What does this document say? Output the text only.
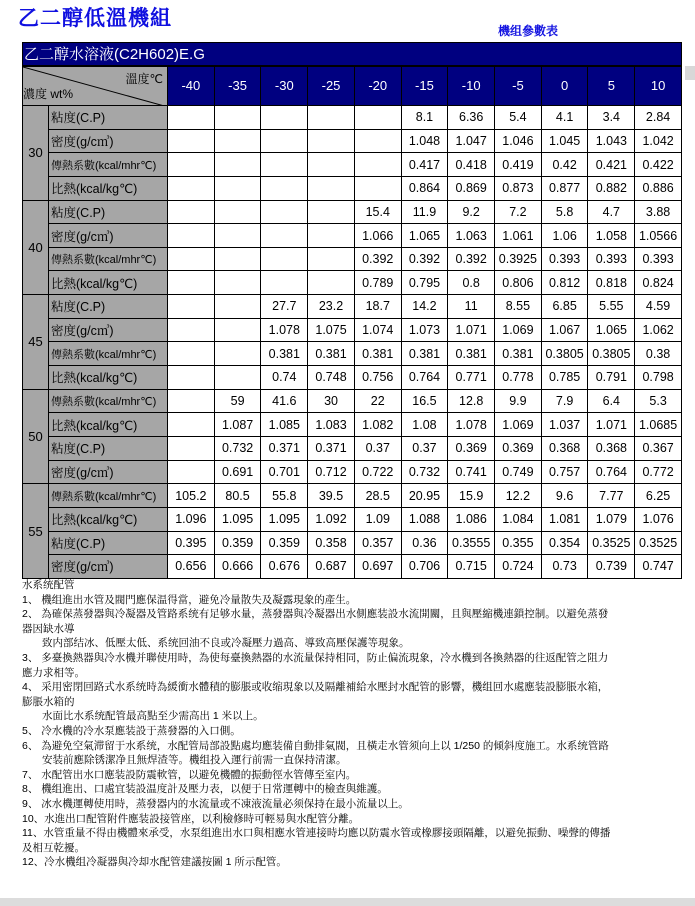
乙二醇低溫機組
機组參數表
乙二醇水溶液(C2H602)E.G												

溫度℃
濃度 wt%		-40	-35	-30	-25	-20	-15	-10	-5	0	5	10
30	粘度(C.P)						8.1	6.36	5.4	4.1	3.4	2.84
	密度(g/c㎥)						1.048	1.047	1.046	1.045	1.043	1.042
	傳熱系數(kcal/mhr℃)						0.417	0.418	0.419	0.42	0.421	0.422
	比熱(kcal/kg℃)						0.864	0.869	0.873	0.877	0.882	0.886
40	粘度(C.P)					15.4	11.9	9.2	7.2	5.8	4.7	3.88
	密度(g/c㎥)					1.066	1.065	1.063	1.061	1.06	1.058	1.0566
	傳熱系數(kcal/mhr℃)					0.392	0.392	0.392	0.3925	0.393	0.393	0.393
	比熱(kcal/kg℃)					0.789	0.795	0.8	0.806	0.812	0.818	0.824
45	粘度(C.P)			27.7	23.2	18.7	14.2	11	8.55	6.85	5.55	4.59
	密度(g/c㎥)			1.078	1.075	1.074	1.073	1.071	1.069	1.067	1.065	1.062
	傳熱系數(kcal/mhr℃)			0.381	0.381	0.381	0.381	0.381	0.381	0.3805	0.3805	0.38
	比熱(kcal/kg℃)			0.74	0.748	0.756	0.764	0.771	0.778	0.785	0.791	0.798
50	傳熱系數(kcal/mhr℃)		59	41.6	30	22	16.5	12.8	9.9	7.9	6.4	5.3
	比熱(kcal/kg℃)		1.087	1.085	1.083	1.082	1.08	1.078	1.069	1.037	1.071	1.0685
	粘度(C.P)		0.732	0.371	0.371	0.37	0.37	0.369	0.369	0.368	0.368	0.367
	密度(g/c㎥)		0.691	0.701	0.712	0.722	0.732	0.741	0.749	0.757	0.764	0.772
55	傳熱系數(kcal/mhr℃)	105.2	80.5	55.8	39.5	28.5	20.95	15.9	12.2	9.6	7.77	6.25
	比熱(kcal/kg℃)	1.096	1.095	1.095	1.092	1.09	1.088	1.086	1.084	1.081	1.079	1.076
	粘度(C.P)	0.395	0.359	0.359	0.358	0.357	0.36	0.3555	0.355	0.354	0.3525	0.3525
	密度(g/c㎥)	0.656	0.666	0.676	0.687	0.697	0.706	0.715	0.724	0.73	0.739	0.747
水系统配管
1、 機组進出水管及閥門應保温得當，避免冷量散失及凝露現象的產生。
2、 為確保蒸發器與冷凝器及管路系统有足够水量，蒸發器與冷凝器出水側應装設水流開關，且與壓縮機連鎖控制。以避免蒸發器因缺水導
致内部结冰、低壓太低、系统回油不良或冷凝壓力過高、導致高壓保護等現象。
3、 多臺換熱器與冷水機并聯使用時，為使每臺換熱器的水流量保持相同，防止偏流現象，冷水機到各換熱器的往返配管之阻力應力求相等。
4、 采用密閉回路式水系统時為緩衝水體積的膨脹或收缩現象以及隔離補給水壓封水配管的影響，機组回水處應装設膨脹水箱，膨脹水箱的
水面比水系统配管最高點至少需高出 1 米以上。
5、 冷水機的冷水泵應装設于蒸發器的入口側。
6、 為避免空氣滞留于水系统，水配管局部設點處均應装備自動排氣閥，且橫走水管须向上以 1/250 的倾斜度施工。水系统管路安装前應除锈潔净且無焊渣等。機组投入運行前需一直保持清潔。
7、 水配管出水口應装設防震軟管，以避免機體的振動徑水管傳至室内。
8、 機组進出、口處宜装設温度計及壓力表，以便于日常運轉中的檢查與維護。
9、 冰水機運轉使用時，蒸發器内的水流量或不凍液流量必须保持在最小流量以上。
10、水進出口配管附件應装設接管座，以利檢修時可輕易與水配管分離。
11、水管重量不得由機體來承受，水泵组進出水口與相應水管連接時均應以防震水管或橡膠接頭隔離，以避免振動、噪聲的傳播及相互乾擾。
12、冷水機组冷凝器與冷却水配管建議按圖 1 所示配管。
